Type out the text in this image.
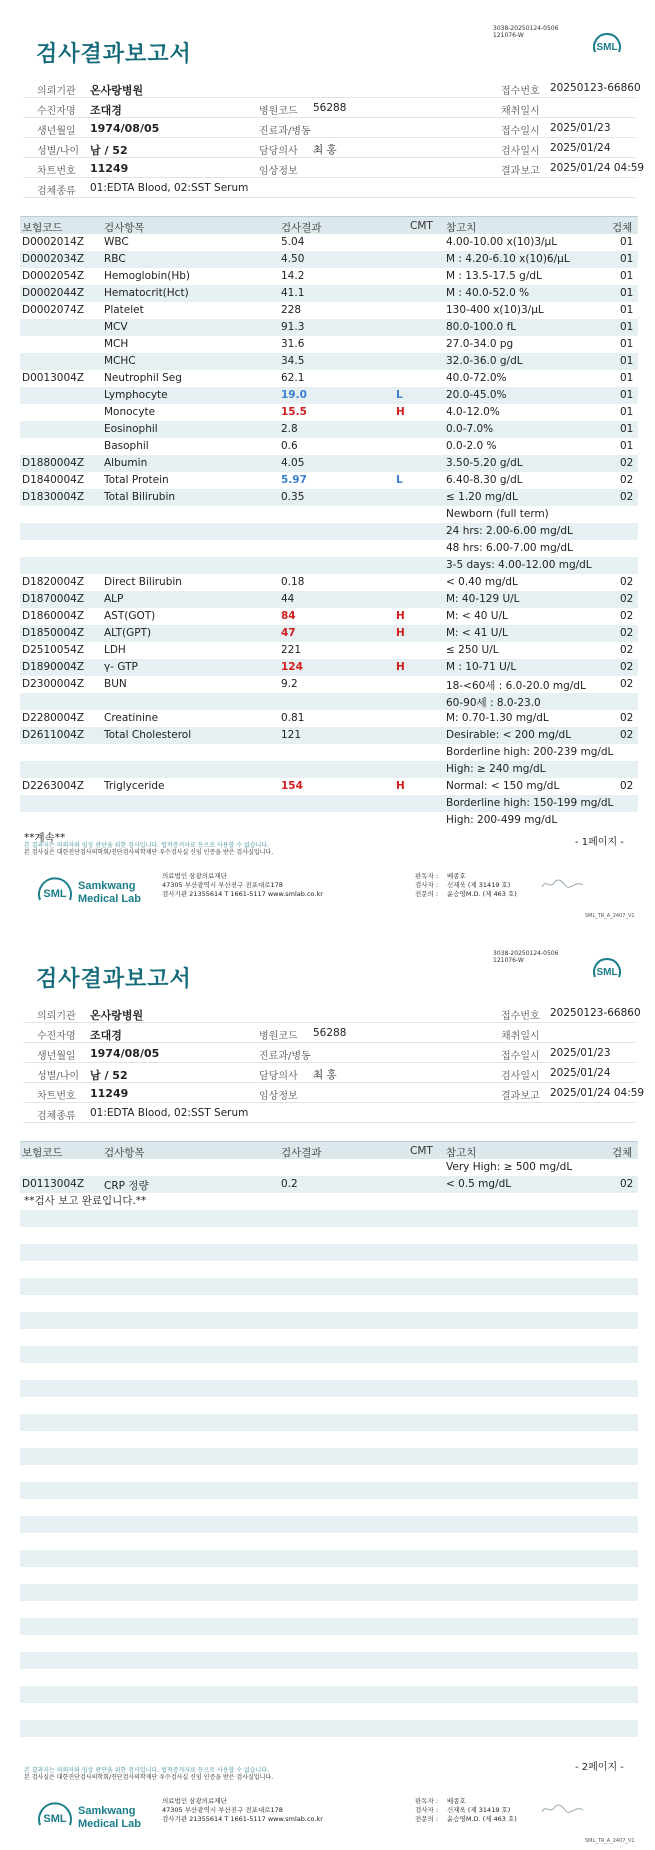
3038-20250124-0506
121076-W
검사결과보고서	SML
의뢰기관 온사랑병원	접수번호 20250123-66860
수진자명 조대경	병원코드 56288	채취일시
생년월일 1974/08/05	진료과/병동	접수일시 2025/01/23
성별/나이 남 / 52	담당의사 최 홍	검사일시 2025/01/24
차트번호 11249	임상정보	결과보고 2025/01/24 04:59
검체종류 01:EDTA Blood, 02:SST Serum
보험코드	검사항목	검사결과	CMT 참고치	검체
D0002014Z WBC	5.04	4.00-10.00 x(10)3/μL	01
D0002034Z RBC	4.50	M : 4.20-6.10 x(10)6/μL	01
D0002054Z Hemoglobin(Hb)	14.2	M : 13.5-17.5 g/dL	01
D0002044Z Hematocrit(Hct)	41.1	M : 40.0-52.0 %	01
D0002074Z Platelet	228	130-400 x(10)3/μL	01
MCV	91.3	80.0-100.0 fL	01
MCH	31.6	27.0-34.0 pg	01
MCHC	34.5	32.0-36.0 g/dL	01
D0013004Z Neutrophil Seg	62.1	40.0-72.0%	01
Lymphocyte	19.0	L	20.0-45.0%	01
Monocyte	15.5	H	4.0-12.0%	01
Eosinophil	2.8	0.0-7.0%	01
Basophil	0.6	0.0-2.0 %	01
D1880004Z Albumin	4.05	3.50-5.20 g/dL	02
D1840004Z Total Protein	5.97	L	6.40-8.30 g/dL	02
D1830004Z Total Bilirubin	0.35	≤ 1.20 mg/dL	02
Newborn (full term)
24 hrs: 2.00-6.00 mg/dL
48 hrs: 6.00-7.00 mg/dL
3-5 days: 4.00-12.00 mg/dL
D1820004Z Direct Bilirubin	0.18	< 0.40 mg/dL	02
D1870004Z ALP	44	M: 40-129 U/L	02
D1860004Z AST(GOT)	84	H	M: < 40 U/L	02
D1850004Z ALT(GPT)	47	H	M: < 41 U/L	02
D2510054Z LDH	221	≤ 250 U/L	02
D1890004Z γ- GTP	124	H	M : 10-71 U/L	02
D2300004Z BUN	9.2	18-<60세 : 6.0-20.0 mg/dL	02
60-90세 : 8.0-23.0
D2280004Z Creatinine	0.81	M: 0.70-1.30 mg/dL	02
D2611004Z Total Cholesterol	121	Desirable: < 200 mg/dL	02
Borderline high: 200-239 mg/dL
High: ≥ 240 mg/dL
D2263004Z Triglyceride	154	H	Normal: < 150 mg/dL	02
Borderline high: 150-199 mg/dL
High: 200-499 mg/dL
**계속**	- 1페이지 -
본 결과지는 의뢰자와 임상 판단을 위한 검사입니다. 법적증거자료 등으로 사용할 수 없습니다.
본 검사실은 대한진단검사의학회/진단검사의학재단 우수검사실 신임 인증을 받은 검사실입니다.
SML
Samkwang
Medical Lab
의료법인 삼광의료재단
47305 부산광역시 부산진구 전포대로178
검사기관 21355614 T 1661-5117 www.smlab.co.kr
판독자 :
검사자 :
전문의 :
배종호
신재욱 (제 31419 호)
윤승영M.D. (제 463 호)
SML_TR_A_2407_V1
3038-20250124-0506
121076-W
검사결과보고서	SML
의뢰기관 온사랑병원	접수번호 20250123-66860
수진자명 조대경	병원코드 56288	채취일시
생년월일 1974/08/05	진료과/병동	접수일시 2025/01/23
성별/나이 남 / 52	담당의사 최 홍	검사일시 2025/01/24
차트번호 11249	임상정보	결과보고 2025/01/24 04:59
검체종류 01:EDTA Blood, 02:SST Serum
보험코드	검사항목	검사결과	CMT 참고치	검체
Very High: ≥ 500 mg/dL
D0113004Z CRP 정량	0.2	< 0.5 mg/dL	02
**검사 보고 완료입니다.**
- 2페이지 -
본 결과지는 의뢰자와 임상 판단을 위한 검사입니다. 법적증거자료 등으로 사용할 수 없습니다.
본 검사실은 대한진단검사의학회/진단검사의학재단 우수검사실 신임 인증을 받은 검사실입니다.
SML
Samkwang
Medical Lab
의료법인 삼광의료재단
47305 부산광역시 부산진구 전포대로178
검사기관 21355614 T 1661-5117 www.smlab.co.kr
판독자 :
검사자 :
전문의 :
배종호
신재욱 (제 31419 호)
윤승영M.D. (제 463 호)
SML_TR_A_2407_V1
